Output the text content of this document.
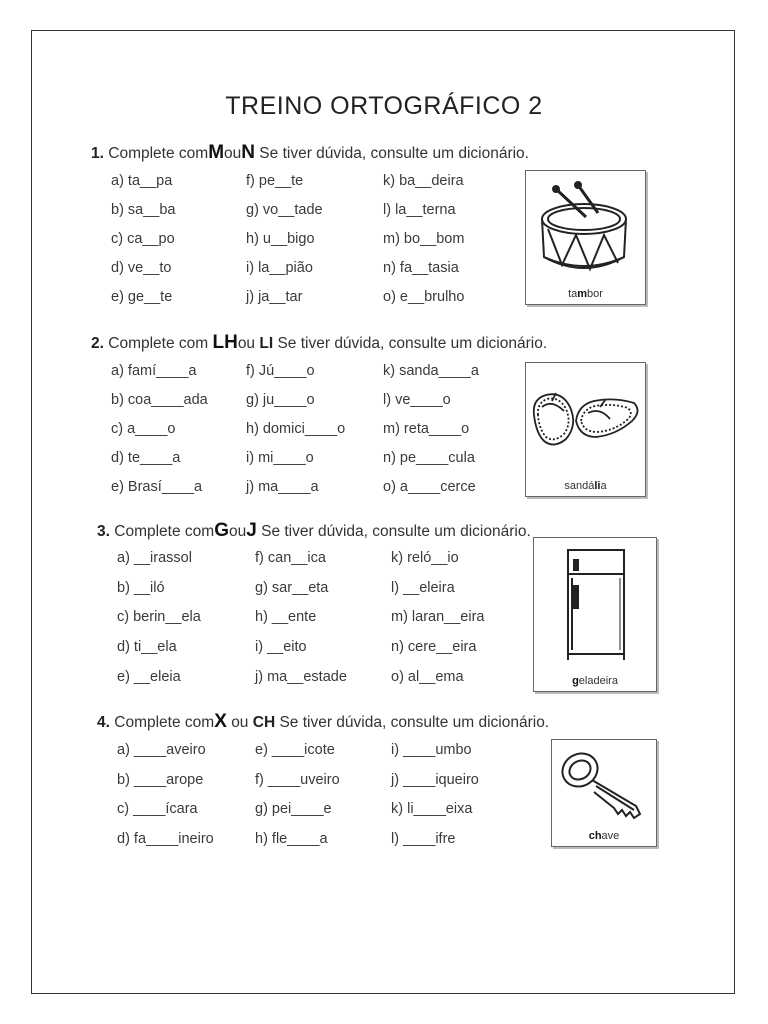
TREINO ORTOGRÁFICO 2
1. Complete comMouN Se tiver dúvida, consulte um dicionário.
a) ta__pa
b) sa__ba
c) ca__po
d) ve__to
e) ge__te
f) pe__te
g) vo__tade
h) u__bigo
i) la__pião
j) ja__tar
k) ba__deira
l) la__terna
m) bo__bom
n) fa__tasia
o) e__brulho	tambor
2. Complete com LHou LI Se tiver dúvida, consulte um dicionário.
a) famí____a
b) coa____ada
c) a____o
d) te____a
e) Brasí____a
f) Jú____o
g) ju____o
h) domici____o
i) mi____o
j) ma____a
k) sanda____a
l) ve____o
m) reta____o
n) pe____cula
o) a____cerce	sandália
3. Complete comGouJ Se tiver dúvida, consulte um dicionário.
a) __irassol
b) __iló
c) berin__ela
d) ti__ela
e) __eleia
f) can__ica
g) sar__eta
h) __ente
i) __eito
j) ma__estade
k) reló__io
l) __eleira
m) laran__eira
n) cere__eira
o) al__ema	geladeira
4. Complete comX ou CH Se tiver dúvida, consulte um dicionário.
a) ____aveiro
b) ____arope
c) ____ícara
d) fa____ineiro
e) ____icote
f) ____uveiro
g) pei____e
h) fle____a
i) ____umbo
j) ____iqueiro
k) li____eixa
l) ____ifre	chave
